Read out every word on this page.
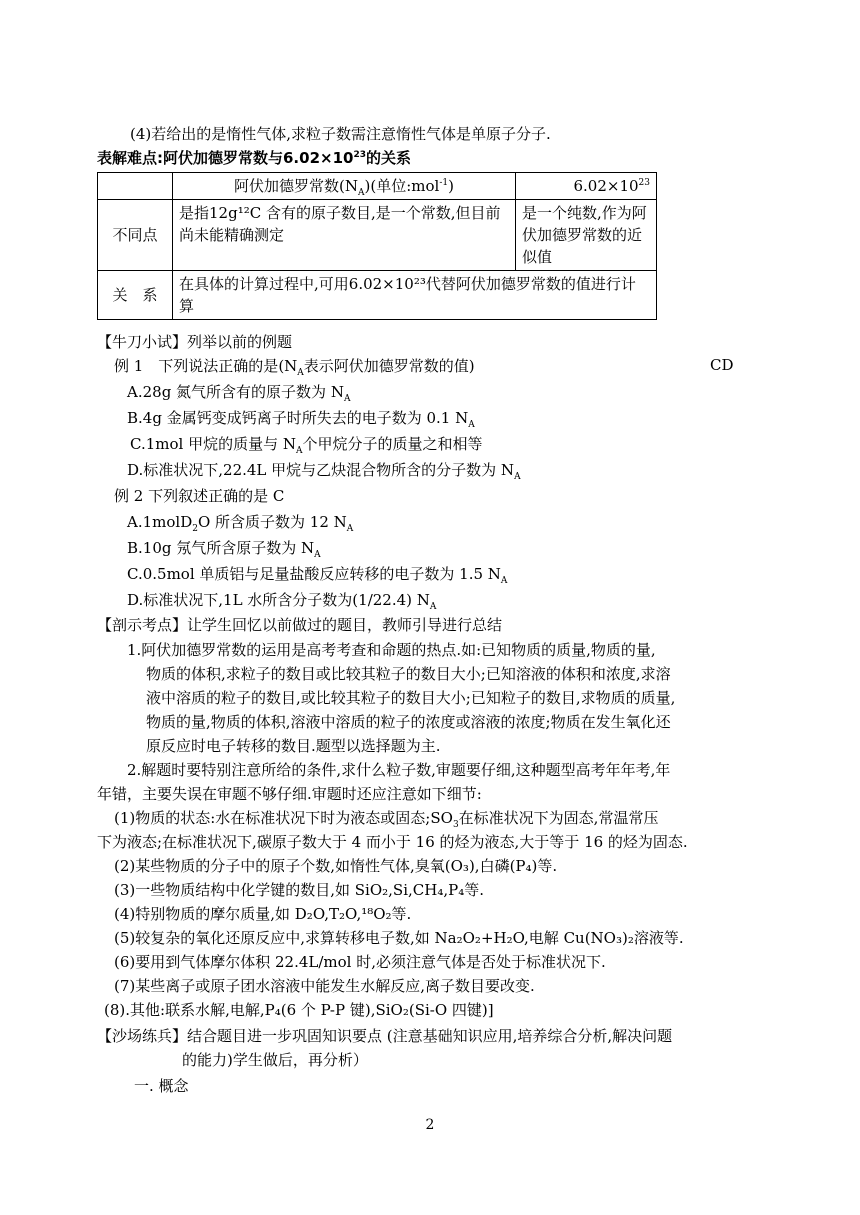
(4)若给出的是惰性气体,求粒子数需注意惰性气体是单原子分子.
表解难点:阿伏加德罗常数与$6.02\times 10^{23}$的关系
	阿伏加德罗常数$(N_A)$(单位:mol$^{-1}$)	$6.02\times 10^{23}$
不同点	是指12g¹²C 含有的原子数目,是一个常数,但目前尚未能精确测定	是一个纯数,作为阿伏加德罗常数的近似值
关　系	在具体的计算过程中,可用6.02×10²³代替阿伏加德罗常数的值进行计算	
【牛刀小试】列举以前的例题
例 1　下列说法正确的是($N_A$表示阿伏加德罗常数的值)	CD
A.28g 氮气所含有的原子数为 $N_A$
B.4g 金属钙变成钙离子时所失去的电子数为 0.1 $N_A$
C.1mol 甲烷的质量与 $N_A$个甲烷分子的质量之和相等
D.标准状况下,22.4L 甲烷与乙炔混合物所含的分子数为 $N_A$
例 2 下列叙述正确的是 C
A.1molD$_2$O 所含质子数为 12 $N_A$
B.10g 氖气所含原子数为 $N_A$
C.0.5mol 单质铝与足量盐酸反应转移的电子数为 1.5 $N_A$
D.标准状况下,1L 水所含分子数为(1/22.4) $N_A$
【剖示考点】让学生回忆以前做过的题目，教师引导进行总结
1.阿伏加德罗常数的运用是高考考查和命题的热点.如:已知物质的质量,物质的量,
物质的体积,求粒子的数目或比较其粒子的数目大小;已知溶液的体积和浓度,求溶
液中溶质的粒子的数目,或比较其粒子的数目大小;已知粒子的数目,求物质的质量,
物质的量,物质的体积,溶液中溶质的粒子的浓度或溶液的浓度;物质在发生氧化还
原反应时电子转移的数目.题型以选择题为主.
2.解题时要特别注意所给的条件,求什么粒子数,审题要仔细,这种题型高考年年考,年
年错，主要失误在审题不够仔细.审题时还应注意如下细节:
(1)物质的状态:水在标准状况下时为液态或固态$;SO_3$在标准状况下为固态,常温常压
下为液态;在标准状况下,碳原子数大于 4 而小于 16 的烃为液态,大于等于 16 的烃为固态.
(2)某些物质的分子中的原子个数,如惰性气体,臭氧(O₃),白磷(P₄)等.
(3)一些物质结构中化学键的数目,如 SiO₂,Si,CH₄,P₄等.
(4)特别物质的摩尔质量,如 D₂O,T₂O,¹⁸O₂等.
(5)较复杂的氧化还原反应中,求算转移电子数,如 Na₂O₂+H₂O,电解 Cu(NO₃)₂溶液等.
(6)要用到气体摩尔体积 22.4L/mol 时,必须注意气体是否处于标准状况下.
(7)某些离子或原子团水溶液中能发生水解反应,离子数目要改变.
(8).其他:联系水解,电解,P₄(6 个 P-P 键),SiO₂(Si-O 四键)]
【沙场练兵】结合题目进一步巩固知识要点 (注意基础知识应用,培养综合分析,解决问题
的能力)学生做后，再分析）
一. 概念
2
